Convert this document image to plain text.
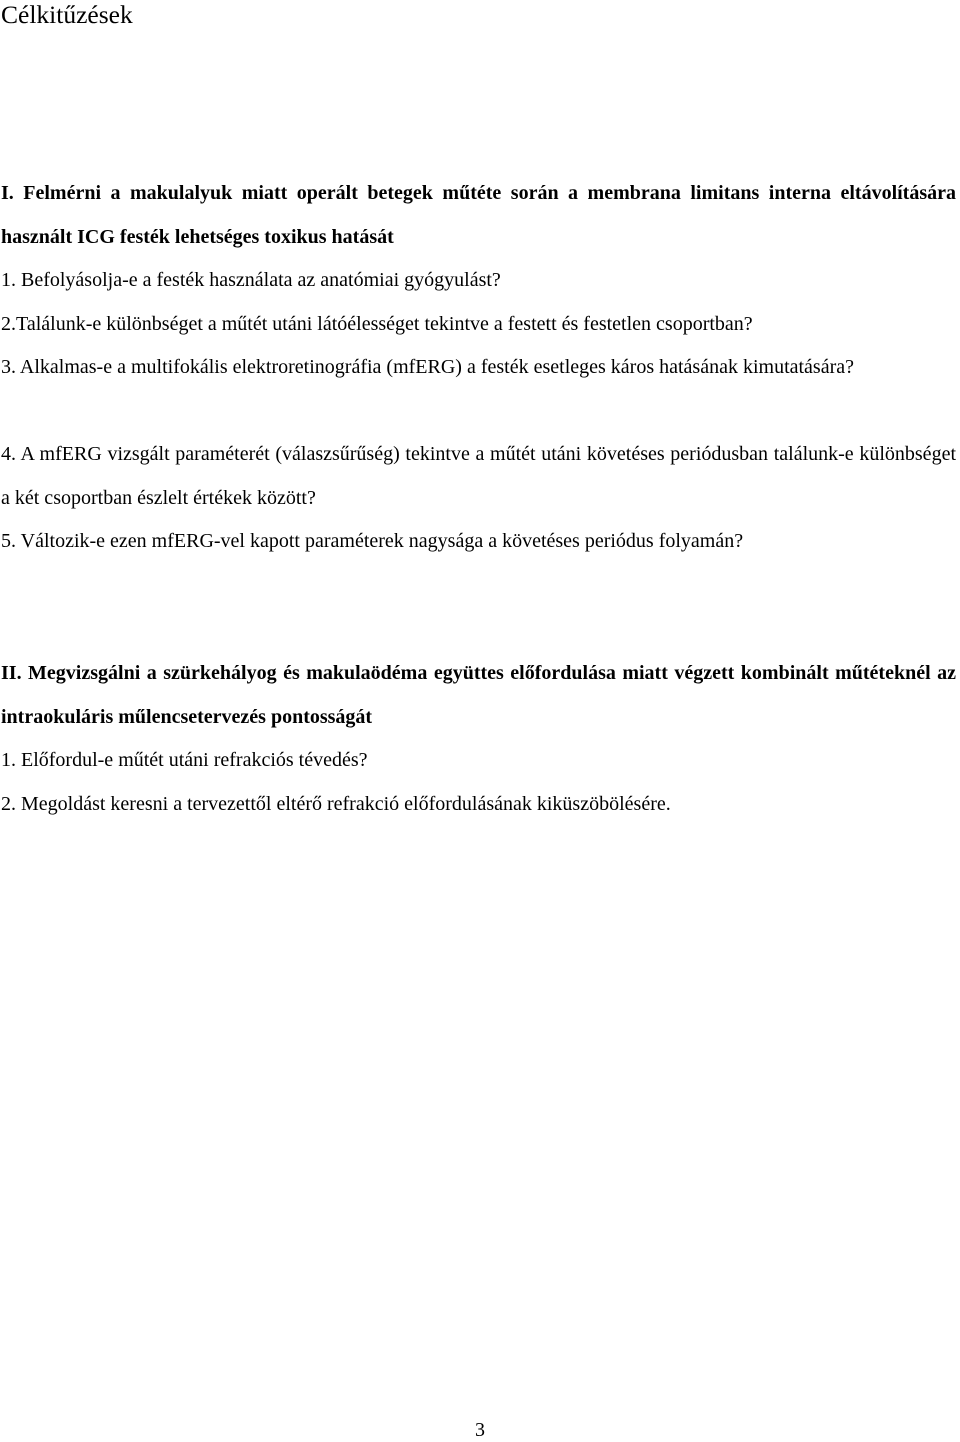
Célkitűzések

I. Felmérni a makulalyuk miatt operált betegek műtéte során a membrana limitans interna eltávolítására használt ICG festék lehetséges toxikus hatását

1. Befolyásolja-e a festék használata az anatómiai gyógyulást?

2.Találunk-e különbséget a műtét utáni látóélességet tekintve a festett és festetlen csoportban?

3. Alkalmas-e a multifokális elektroretinográfia (mfERG) a festék esetleges káros hatásának kimutatására?

4. A mfERG vizsgált paraméterét (válaszsűrűség) tekintve a műtét utáni követéses periódusban találunk-e különbséget a két csoportban észlelt értékek között?

5. Változik-e ezen mfERG-vel kapott paraméterek nagysága a követéses periódus folyamán?

II. Megvizsgálni a szürkehályog és makulaödéma együttes előfordulása miatt végzett kombinált műtéteknél az intraokuláris műlencsetervezés pontosságát

1. Előfordul-e műtét utáni refrakciós tévedés?

2. Megoldást keresni a tervezettől eltérő refrakció előfordulásának kiküszöbölésére.

3
